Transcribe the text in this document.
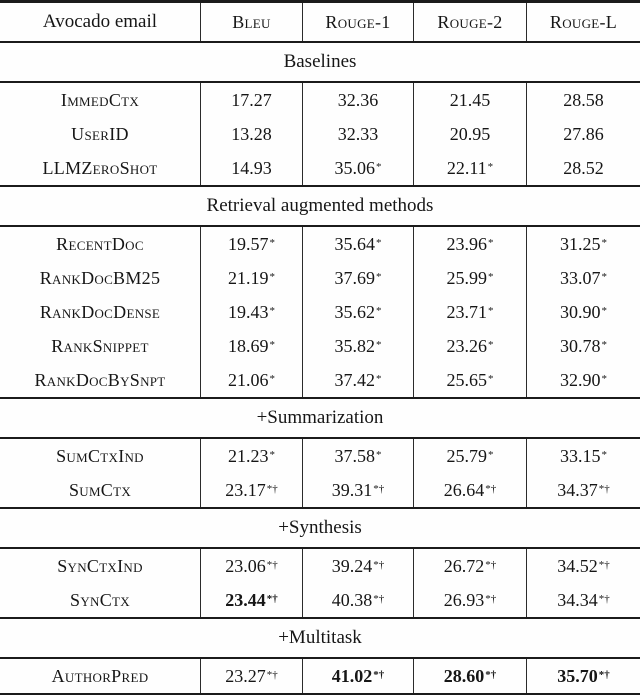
Avocado email	Bleu	Rouge-1	Rouge-2	Rouge-L
Baselines
ImmedCtx	17.27	32.36	21.45	28.58
UserID	13.28	32.33	20.95	27.86
LLMZeroShot	14.93	35.06*	22.11*	28.52
Retrieval augmented methods
RecentDoc	19.57*	35.64*	23.96*	31.25*
RankDocBM25	21.19*	37.69*	25.99*	33.07*
RankDocDense	19.43*	35.62*	23.71*	30.90*
RankSnippet	18.69*	35.82*	23.26*	30.78*
RankDocBySnpt	21.06*	37.42*	25.65*	32.90*
+Summarization
SumCtxInd	21.23*	37.58*	25.79*	33.15*
SumCtx	23.17*†	39.31*†	26.64*†	34.37*†
+Synthesis
SynCtxInd	23.06*†	39.24*†	26.72*†	34.52*†
SynCtx	23.44*†	40.38*†	26.93*†	34.34*†
+Multitask
AuthorPred	23.27*†	41.02*†	28.60*†	35.70*†
